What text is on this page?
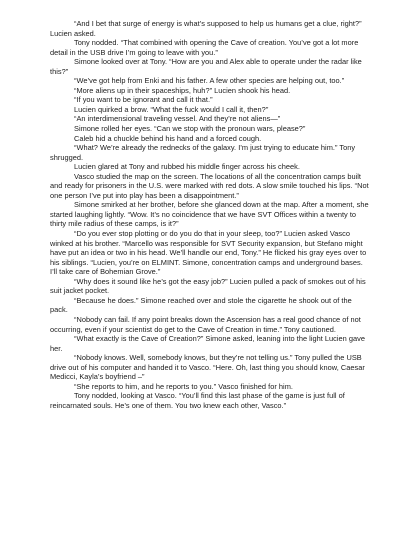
“And I bet that surge of energy is what’s supposed to help us humans get a clue, right?” Lucien asked.

Tony nodded. “That combined with opening the Cave of creation. You’ve got a lot more detail in the USB drive I’m going to leave with you.”

Simone looked over at Tony. “How are you and Alex able to operate under the radar like this?”

“We’ve got help from Enki and his father. A few other species are helping out, too.”

“More aliens up in their spaceships, huh?” Lucien shook his head.

“If you want to be ignorant and call it that.”

Lucien quirked a brow. “What the fuck would I call it, then?”

“An interdimensional traveling vessel. And they’re not aliens—”

Simone rolled her eyes. “Can we stop with the pronoun wars, please?”

Caleb hid a chuckle behind his hand and a forced cough.

“What? We’re already the rednecks of the galaxy. I’m just trying to educate him.” Tony shrugged.

Lucien glared at Tony and rubbed his middle finger across his cheek.

Vasco studied the map on the screen. The locations of all the concentration camps built and ready for prisoners in the U.S. were marked with red dots. A slow smile touched his lips. “Not one person I’ve put into play has been a disappointment.”

Simone smirked at her brother, before she glanced down at the map. After a moment, she started laughing lightly. “Wow. It’s no coincidence that we have SVT Offices within a twenty to thirty mile radius of these camps, is it?”

“Do you ever stop plotting or do you do that in your sleep, too?” Lucien asked Vasco winked at his brother. “Marcello was responsible for SVT Security expansion, but Stefano might have put an idea or two in his head. We’ll handle our end, Tony.” He flicked his gray eyes over to his siblings. “Lucien, you’re on ELMINT. Simone, concentration camps and underground bases. I’ll take care of Bohemian Grove.”

“Why does it sound like he’s got the easy job?” Lucien pulled a pack of smokes out of his suit jacket pocket.

“Because he does.” Simone reached over and stole the cigarette he shook out of the pack.

“Nobody can fail. If any point breaks down the Ascension has a real good chance of not occurring, even if your scientist do get to the Cave of Creation in time.” Tony cautioned.

“What exactly is the Cave of Creation?” Simone asked, leaning into the light Lucien gave her.

“Nobody knows. Well, somebody knows, but they’re not telling us.” Tony pulled the USB drive out of his computer and handed it to Vasco. “Here. Oh, last thing you should know, Caesar Medicci, Kayla’s boyfriend –”

“She reports to him, and he reports to you.” Vasco finished for him.

Tony nodded, looking at Vasco. “You’ll find this last phase of the game is just full of reincarnated souls. He’s one of them. You two knew each other, Vasco.”
